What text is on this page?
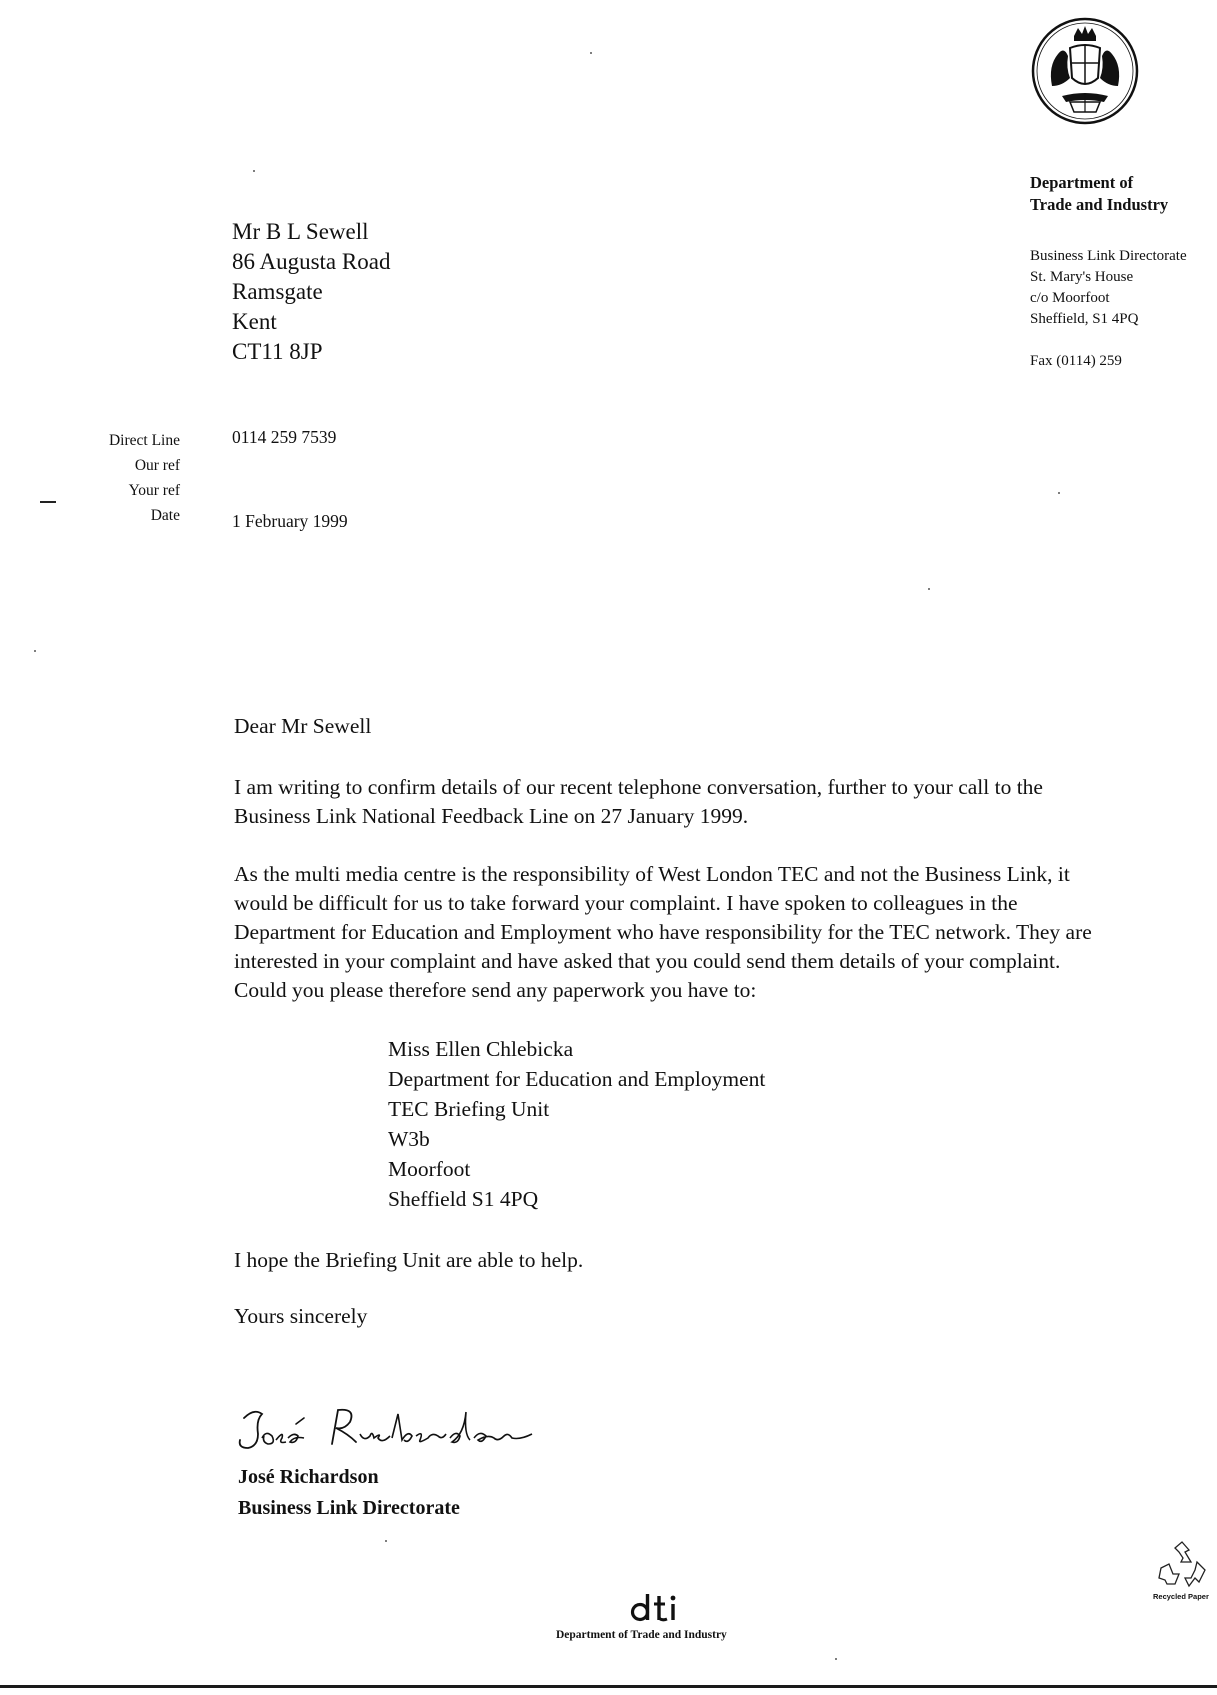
Department of
Trade and Industry
Business Link Directorate
St. Mary's House
c/o Moorfoot
Sheffield, S1 4PQ
Fax (0114) 259
Mr B L Sewell
86 Augusta Road
Ramsgate
Kent
CT11 8JP
Direct Line
Our ref
Your ref
Date
0114 259 7539
1 February 1999

Dear Mr Sewell

I am writing to confirm details of our recent telephone conversation, further to your call to the Business Link National Feedback Line on 27 January 1999.

As the multi media centre is the responsibility of West London TEC and not the Business Link, it would be difficult for us to take forward your complaint. I have spoken to colleagues in the Department for Education and Employment who have responsibility for the TEC network. They are interested in your complaint and have asked that you could send them details of your complaint. Could you please therefore send any paperwork you have to:

Miss Ellen Chlebicka
Department for Education and Employment
TEC Briefing Unit
W3b
Moorfoot
Sheffield S1 4PQ

I hope the Briefing Unit are able to help.

Yours sincerely

José Richardson
Business Link Directorate
Department of Trade and Industry
Recycled Paper
